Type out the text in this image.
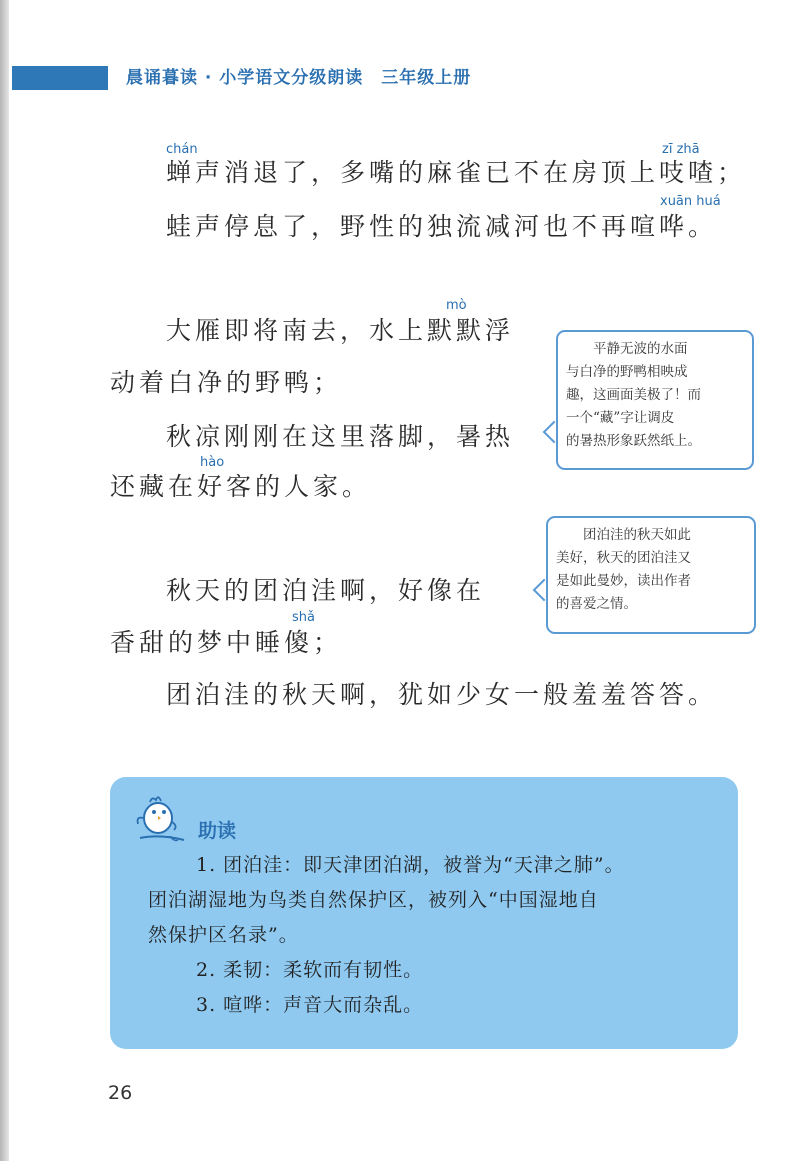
晨诵暮读 · 小学语文分级朗读　三年级上册
chán	zī zhā
蝉声消退了，多嘴的麻雀已不在房顶上吱喳；
xuān huá
蛙声停息了，野性的独流减河也不再喧哗。
mò
大雁即将南去，水上默默浮
动着白净的野鸭；
秋凉刚刚在这里落脚，暑热
hào
还藏在好客的人家。
秋天的团泊洼啊，好像在
shǎ
香甜的梦中睡傻；
团泊洼的秋天啊，犹如少女一般羞羞答答。
平静无波的水面
与白净的野鸭相映成
趣，这画面美极了！而
一个“藏”字让调皮
的暑热形象跃然纸上。
团泊洼的秋天如此
美好，秋天的团泊洼又
是如此曼妙，读出作者
的喜爱之情。
助读
1. 团泊洼：即天津团泊湖，被誉为“天津之肺”。
团泊湖湿地为鸟类自然保护区，被列入“中国湿地自
然保护区名录”。
2. 柔韧：柔软而有韧性。
3. 喧哗：声音大而杂乱。
26
